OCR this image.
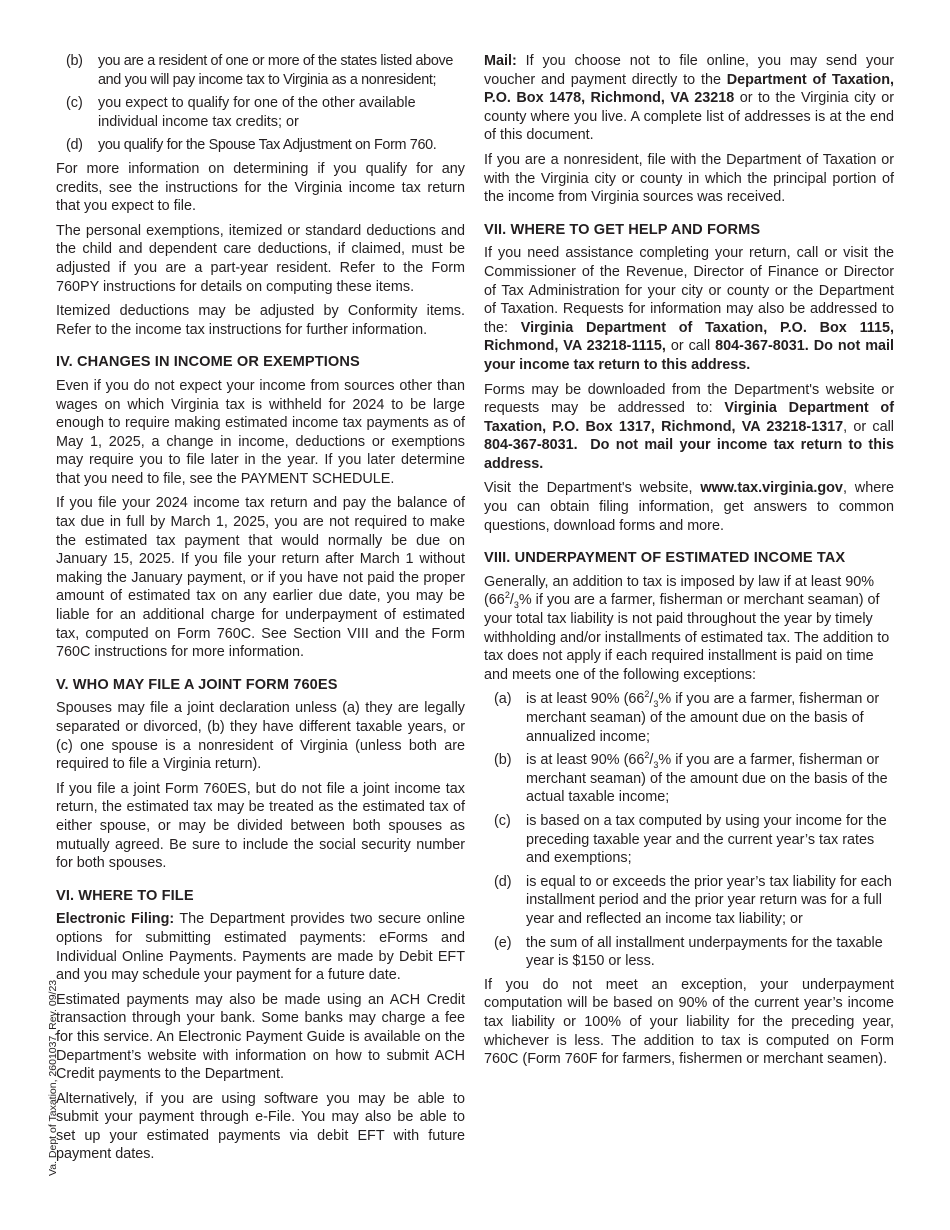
(b)	you are a resident of one or more of the states listed above and you will pay income tax to Virginia as a nonresident;
(c)	you expect to qualify for one of the other available individual income tax credits; or
(d)	you qualify for the Spouse Tax Adjustment on Form 760.

For more information on determining if you qualify for any credits, see the instructions for the Virginia income tax return that you expect to file.

The personal exemptions, itemized or standard deductions and the child and dependent care deductions, if claimed, must be adjusted if you are a part-year resident. Refer to the Form 760PY instructions for details on computing these items.

Itemized deductions may be adjusted by Conformity items. Refer to the income tax instructions for further information.

IV. CHANGES IN INCOME OR EXEMPTIONS

Even if you do not expect your income from sources other than wages on which Virginia tax is withheld for 2024 to be large enough to require making estimated income tax payments as of May 1, 2025, a change in income, deductions or exemptions may require you to file later in the year. If you later determine that you need to file, see the PAYMENT SCHEDULE.

If you file your 2024 income tax return and pay the balance of tax due in full by March 1, 2025, you are not required to make the estimated tax payment that would normally be due on January 15, 2025. If you file your return after March 1 without making the January payment, or if you have not paid the proper amount of estimated tax on any earlier due date, you may be liable for an additional charge for underpayment of estimated tax, computed on Form 760C. See Section VIII and the Form 760C instructions for more information.

V. WHO MAY FILE A JOINT FORM 760ES

Spouses may file a joint declaration unless (a) they are legally separated or divorced, (b) they have different taxable years, or (c) one spouse is a nonresident of Virginia (unless both are required to file a Virginia return).

If you file a joint Form 760ES, but do not file a joint income tax return, the estimated tax may be treated as the estimated tax of either spouse, or may be divided between both spouses as mutually agreed. Be sure to include the social security number for both spouses.

VI. WHERE TO FILE

Electronic Filing: The Department provides two secure online options for submitting estimated payments: eForms and Individual Online Payments. Payments are made by Debit EFT and you may schedule your payment for a future date.

Estimated payments may also be made using an ACH Credit transaction through your bank. Some banks may charge a fee for this service. An Electronic Payment Guide is available on the Department’s website with information on how to submit ACH Credit payments to the Department.

Alternatively, if you are using software you may be able to submit your payment through e-File. You may also be able to set up your estimated payments via debit EFT with future payment dates.

Mail: If you choose not to file online, you may send your voucher and payment directly to the Department of Taxation, P.O. Box 1478, Richmond, VA 23218 or to the Virginia city or county where you live. A complete list of addresses is at the end of this document.

If you are a nonresident, file with the Department of Taxation or with the Virginia city or county in which the principal portion of the income from Virginia sources was received.

VII. WHERE TO GET HELP AND FORMS

If you need assistance completing your return, call or visit the Commissioner of the Revenue, Director of Finance or Director of Tax Administration for your city or county or the Department of Taxation. Requests for information may also be addressed to the: Virginia Department of Taxation, P.O. Box 1115, Richmond, VA 23218-1115, or call 804-367-8031. Do not mail your income tax return to this address.

Forms may be downloaded from the Department's website or requests may be addressed to: Virginia Department of Taxation, P.O. Box 1317, Richmond, VA 23218-1317, or call 804-367-8031. Do not mail your income tax return to this address.

Visit the Department's website, www.tax.virginia.gov, where you can obtain filing information, get answers to common questions, download forms and more.

VIII. UNDERPAYMENT OF ESTIMATED INCOME TAX

Generally, an addition to tax is imposed by law if at least 90% ($66^2/_3\%$ if you are a farmer, fisherman or merchant seaman) of your total tax liability is not paid throughout the year by timely withholding and/or installments of estimated tax. The addition to tax does not apply if each required installment is paid on time and meets one of the following exceptions:

(a)	is at least 90% ($66^2/_3\%$ if you are a farmer, fisherman or merchant seaman) of the amount due on the basis of annualized income;
(b)	is at least 90% ($66^2/_3\%$ if you are a farmer, fisherman or merchant seaman) of the amount due on the basis of the actual taxable income;
(c)	is based on a tax computed by using your income for the preceding taxable year and the current year’s tax rates and exemptions;
(d)	is equal to or exceeds the prior year’s tax liability for each installment period and the prior year return was for a full year and reflected an income tax liability; or
(e)	the sum of all installment underpayments for the taxable year is $150 or less.

If you do not meet an exception, your underpayment computation will be based on 90% of the current year’s income tax liability or 100% of your liability for the preceding year, whichever is less. The addition to tax is computed on Form 760C (Form 760F for farmers, fishermen or merchant seamen).

Va. Dept of Taxation, 2601037, Rev. 09/23
